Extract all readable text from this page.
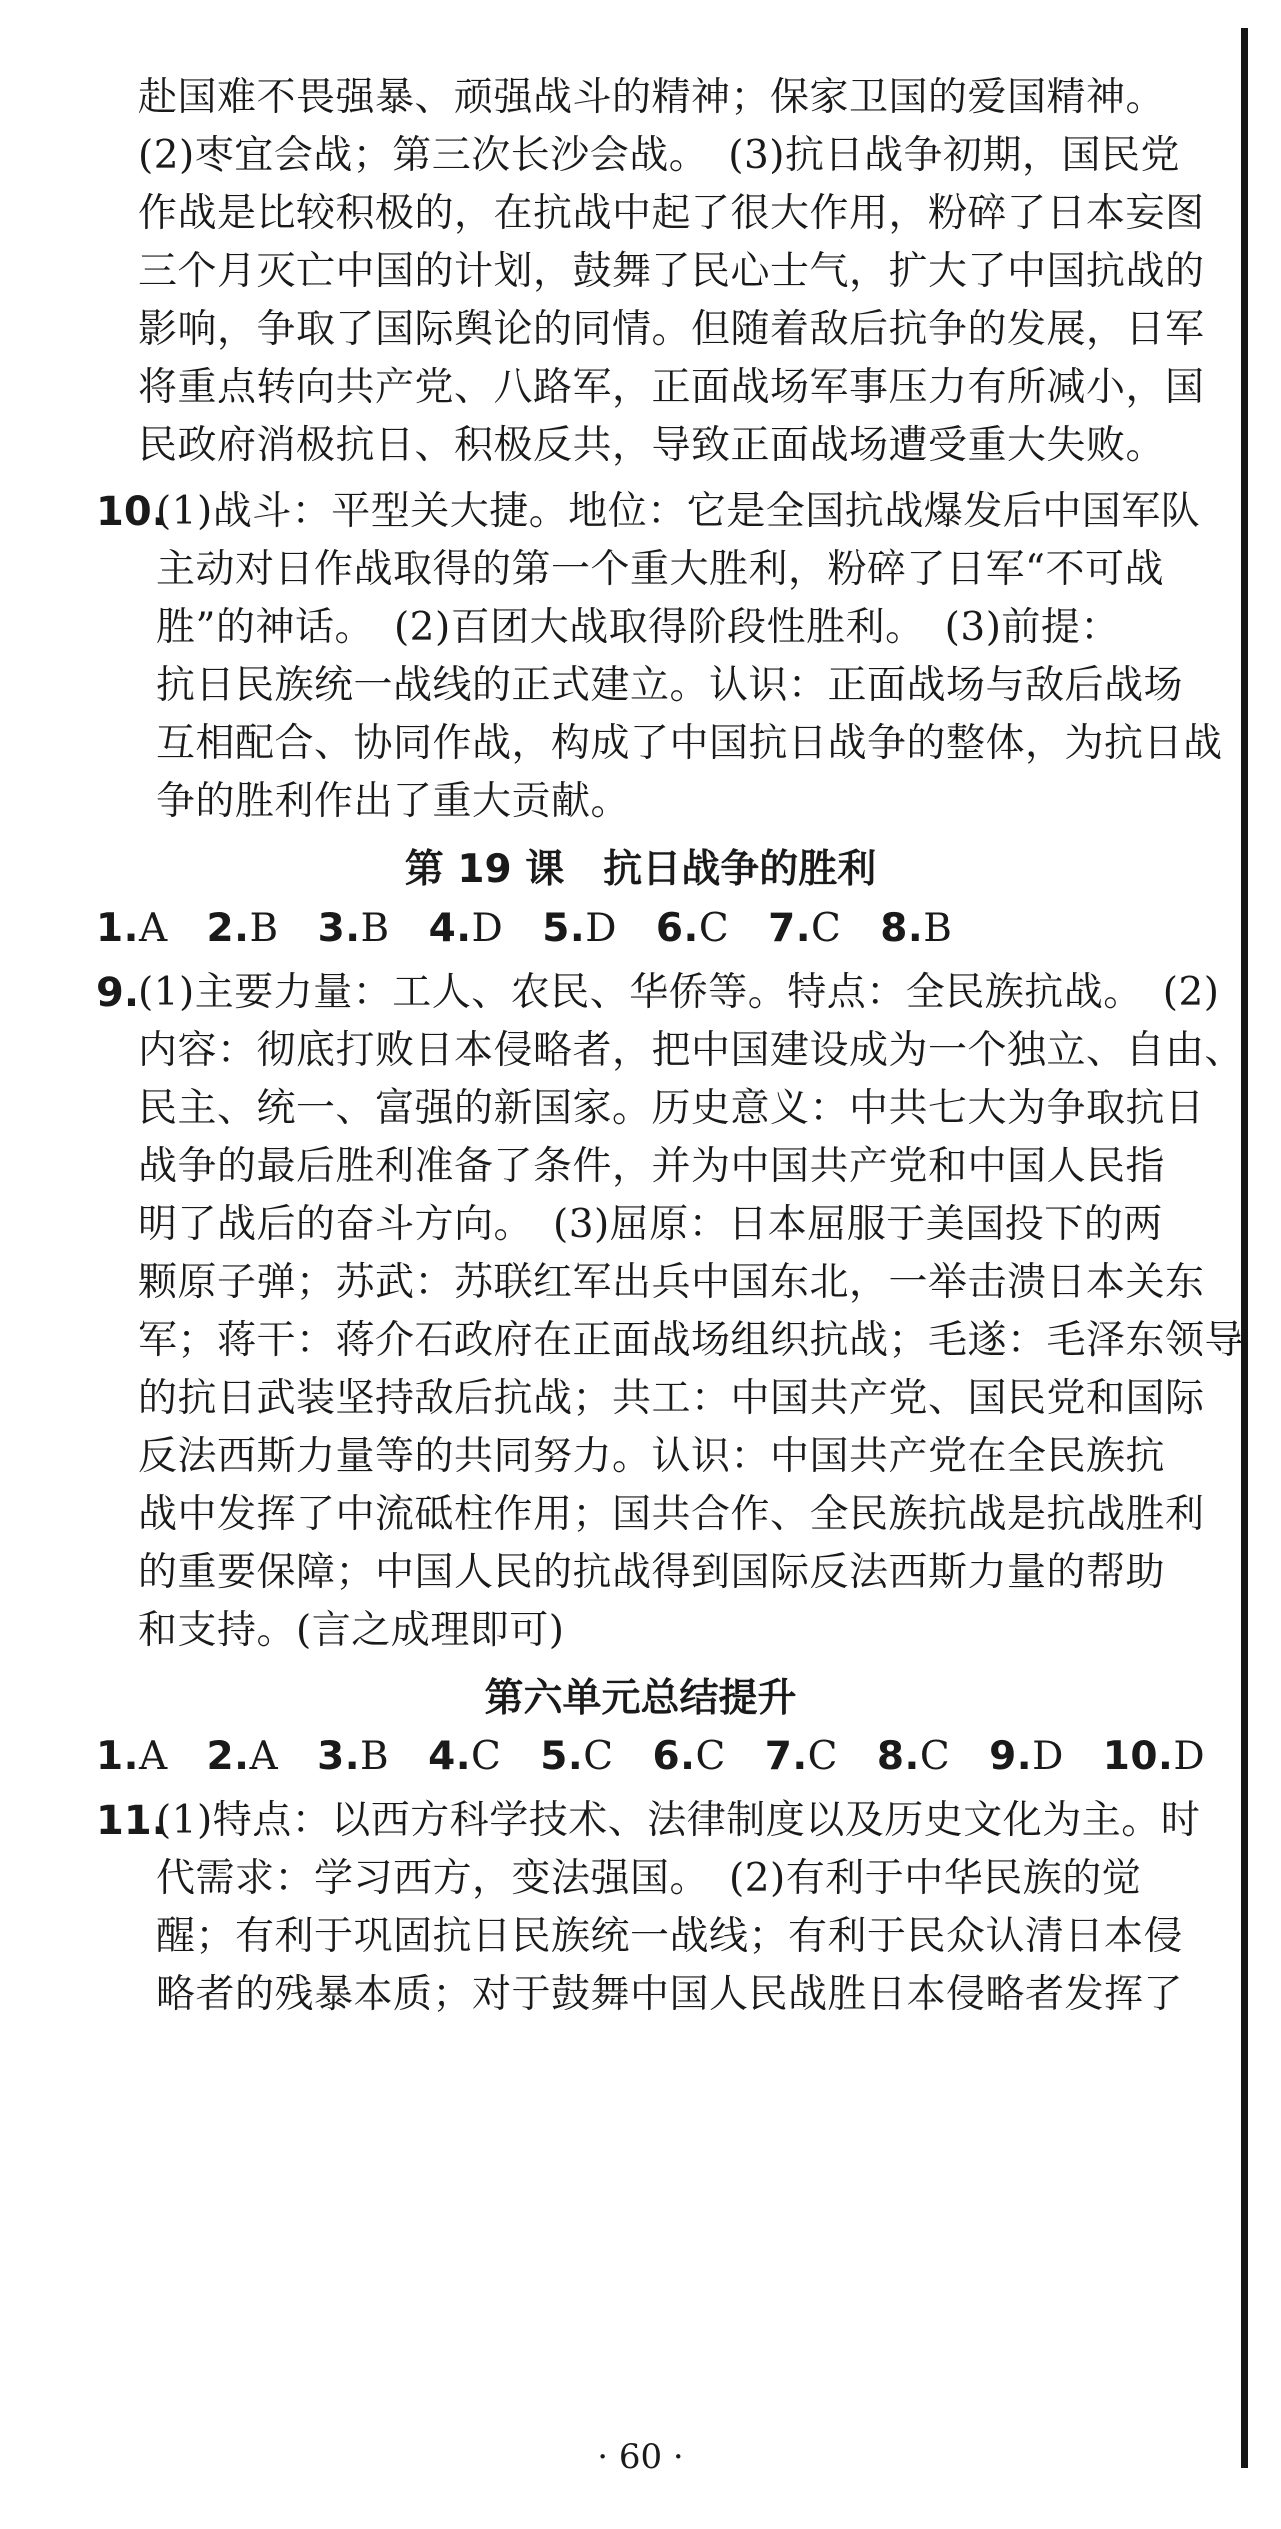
赴国难不畏强暴、顽强战斗的精神；保家卫国的爱国精神。
(2)枣宜会战；第三次长沙会战。　(3)抗日战争初期，国民党
作战是比较积极的，在抗战中起了很大作用，粉碎了日本妄图
三个月灭亡中国的计划，鼓舞了民心士气，扩大了中国抗战的
影响，争取了国际舆论的同情。但随着敌后抗争的发展，日军
将重点转向共产党、八路军，正面战场军事压力有所减小，国
民政府消极抗日、积极反共，导致正面战场遭受重大失败。
10.
(1)战斗：平型关大捷。地位：它是全国抗战爆发后中国军队
主动对日作战取得的第一个重大胜利，粉碎了日军“不可战
胜”的神话。　(2)百团大战取得阶段性胜利。　(3)前提：
抗日民族统一战线的正式建立。认识：正面战场与敌后战场
互相配合、协同作战，构成了中国抗日战争的整体，为抗日战
争的胜利作出了重大贡献。
第 19 课　抗日战争的胜利
1.A 2.B 3.B 4.D 5.D 6.C 7.C 8.B
9.
(1)主要力量：工人、农民、华侨等。特点：全民族抗战。　(2)
内容：彻底打败日本侵略者，把中国建设成为一个独立、自由、
民主、统一、富强的新国家。历史意义：中共七大为争取抗日
战争的最后胜利准备了条件，并为中国共产党和中国人民指
明了战后的奋斗方向。　(3)屈原：日本屈服于美国投下的两
颗原子弹；苏武：苏联红军出兵中国东北，一举击溃日本关东
军；蒋干：蒋介石政府在正面战场组织抗战；毛遂：毛泽东领导
的抗日武装坚持敌后抗战；共工：中国共产党、国民党和国际
反法西斯力量等的共同努力。认识：中国共产党在全民族抗
战中发挥了中流砥柱作用；国共合作、全民族抗战是抗战胜利
的重要保障；中国人民的抗战得到国际反法西斯力量的帮助
和支持。(言之成理即可)
第六单元总结提升
1.A 2.A 3.B 4.C 5.C 6.C 7.C 8.C 9.D 10.D
11.
(1)特点：以西方科学技术、法律制度以及历史文化为主。时
代需求：学习西方，变法强国。　(2)有利于中华民族的觉
醒；有利于巩固抗日民族统一战线；有利于民众认清日本侵
略者的残暴本质；对于鼓舞中国人民战胜日本侵略者发挥了
· 60 ·
